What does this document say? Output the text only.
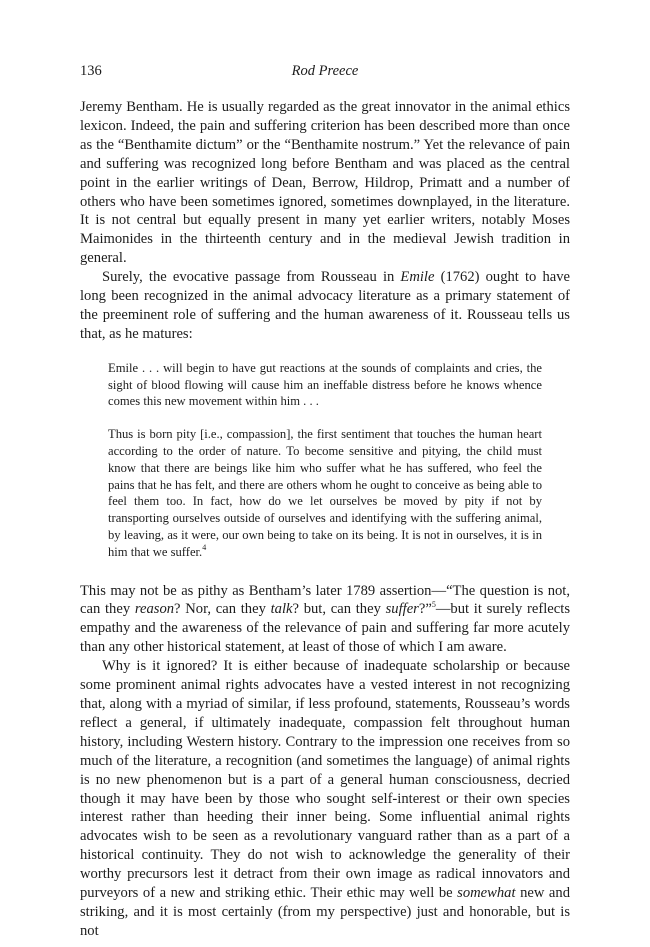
136	Rod Preece

Jeremy Bentham. He is usually regarded as the great innovator in the animal ethics lexicon. Indeed, the pain and suffering criterion has been described more than once as the “Benthamite dictum” or the “Benthamite nostrum.” Yet the relevance of pain and suffering was recognized long before Bentham and was placed as the central point in the earlier writings of Dean, Berrow, Hildrop, Primatt and a number of others who have been sometimes ignored, sometimes downplayed, in the literature. It is not central but equally present in many yet earlier writers, notably Moses Maimonides in the thirteenth century and in the medieval Jewish tradition in general.

Surely, the evocative passage from Rousseau in Emile (1762) ought to have long been recognized in the animal advocacy literature as a primary statement of the preeminent role of suffering and the human awareness of it. Rousseau tells us that, as he matures:

Emile . . . will begin to have gut reactions at the sounds of complaints and cries, the sight of blood flowing will cause him an ineffable distress before he knows whence comes this new movement within him . . .

Thus is born pity [i.e., compassion], the first sentiment that touches the human heart according to the order of nature. To become sensitive and pitying, the child must know that there are beings like him who suffer what he has suffered, who feel the pains that he has felt, and there are others whom he ought to conceive as being able to feel them too. In fact, how do we let ourselves be moved by pity if not by transporting ourselves outside of ourselves and identifying with the suffering animal, by leaving, as it were, our own being to take on its being. It is not in ourselves, it is in him that we suffer.$^4$

This may not be as pithy as Bentham’s later 1789 assertion—“The question is not, can they reason? Nor, can they talk? but, can they suffer?”$^5$—but it surely reflects empathy and the awareness of the relevance of pain and suffering far more acutely than any other historical statement, at least of those of which I am aware.

Why is it ignored? It is either because of inadequate scholarship or because some prominent animal rights advocates have a vested interest in not recognizing that, along with a myriad of similar, if less profound, statements, Rousseau’s words reflect a general, if ultimately inadequate, compassion felt throughout human history, including Western history. Contrary to the impression one receives from so much of the literature, a recognition (and sometimes the language) of animal rights is no new phenomenon but is a part of a general human consciousness, decried though it may have been by those who sought self-interest or their own species interest rather than heeding their inner being. Some influential animal rights advocates wish to be seen as a revolutionary vanguard rather than as a part of a historical continuity. They do not wish to acknowledge the generality of their worthy precursors lest it detract from their own image as radical innovators and purveyors of a new and striking ethic. Their ethic may well be somewhat new and striking, and it is most certainly (from my perspective) just and honorable, but is not
